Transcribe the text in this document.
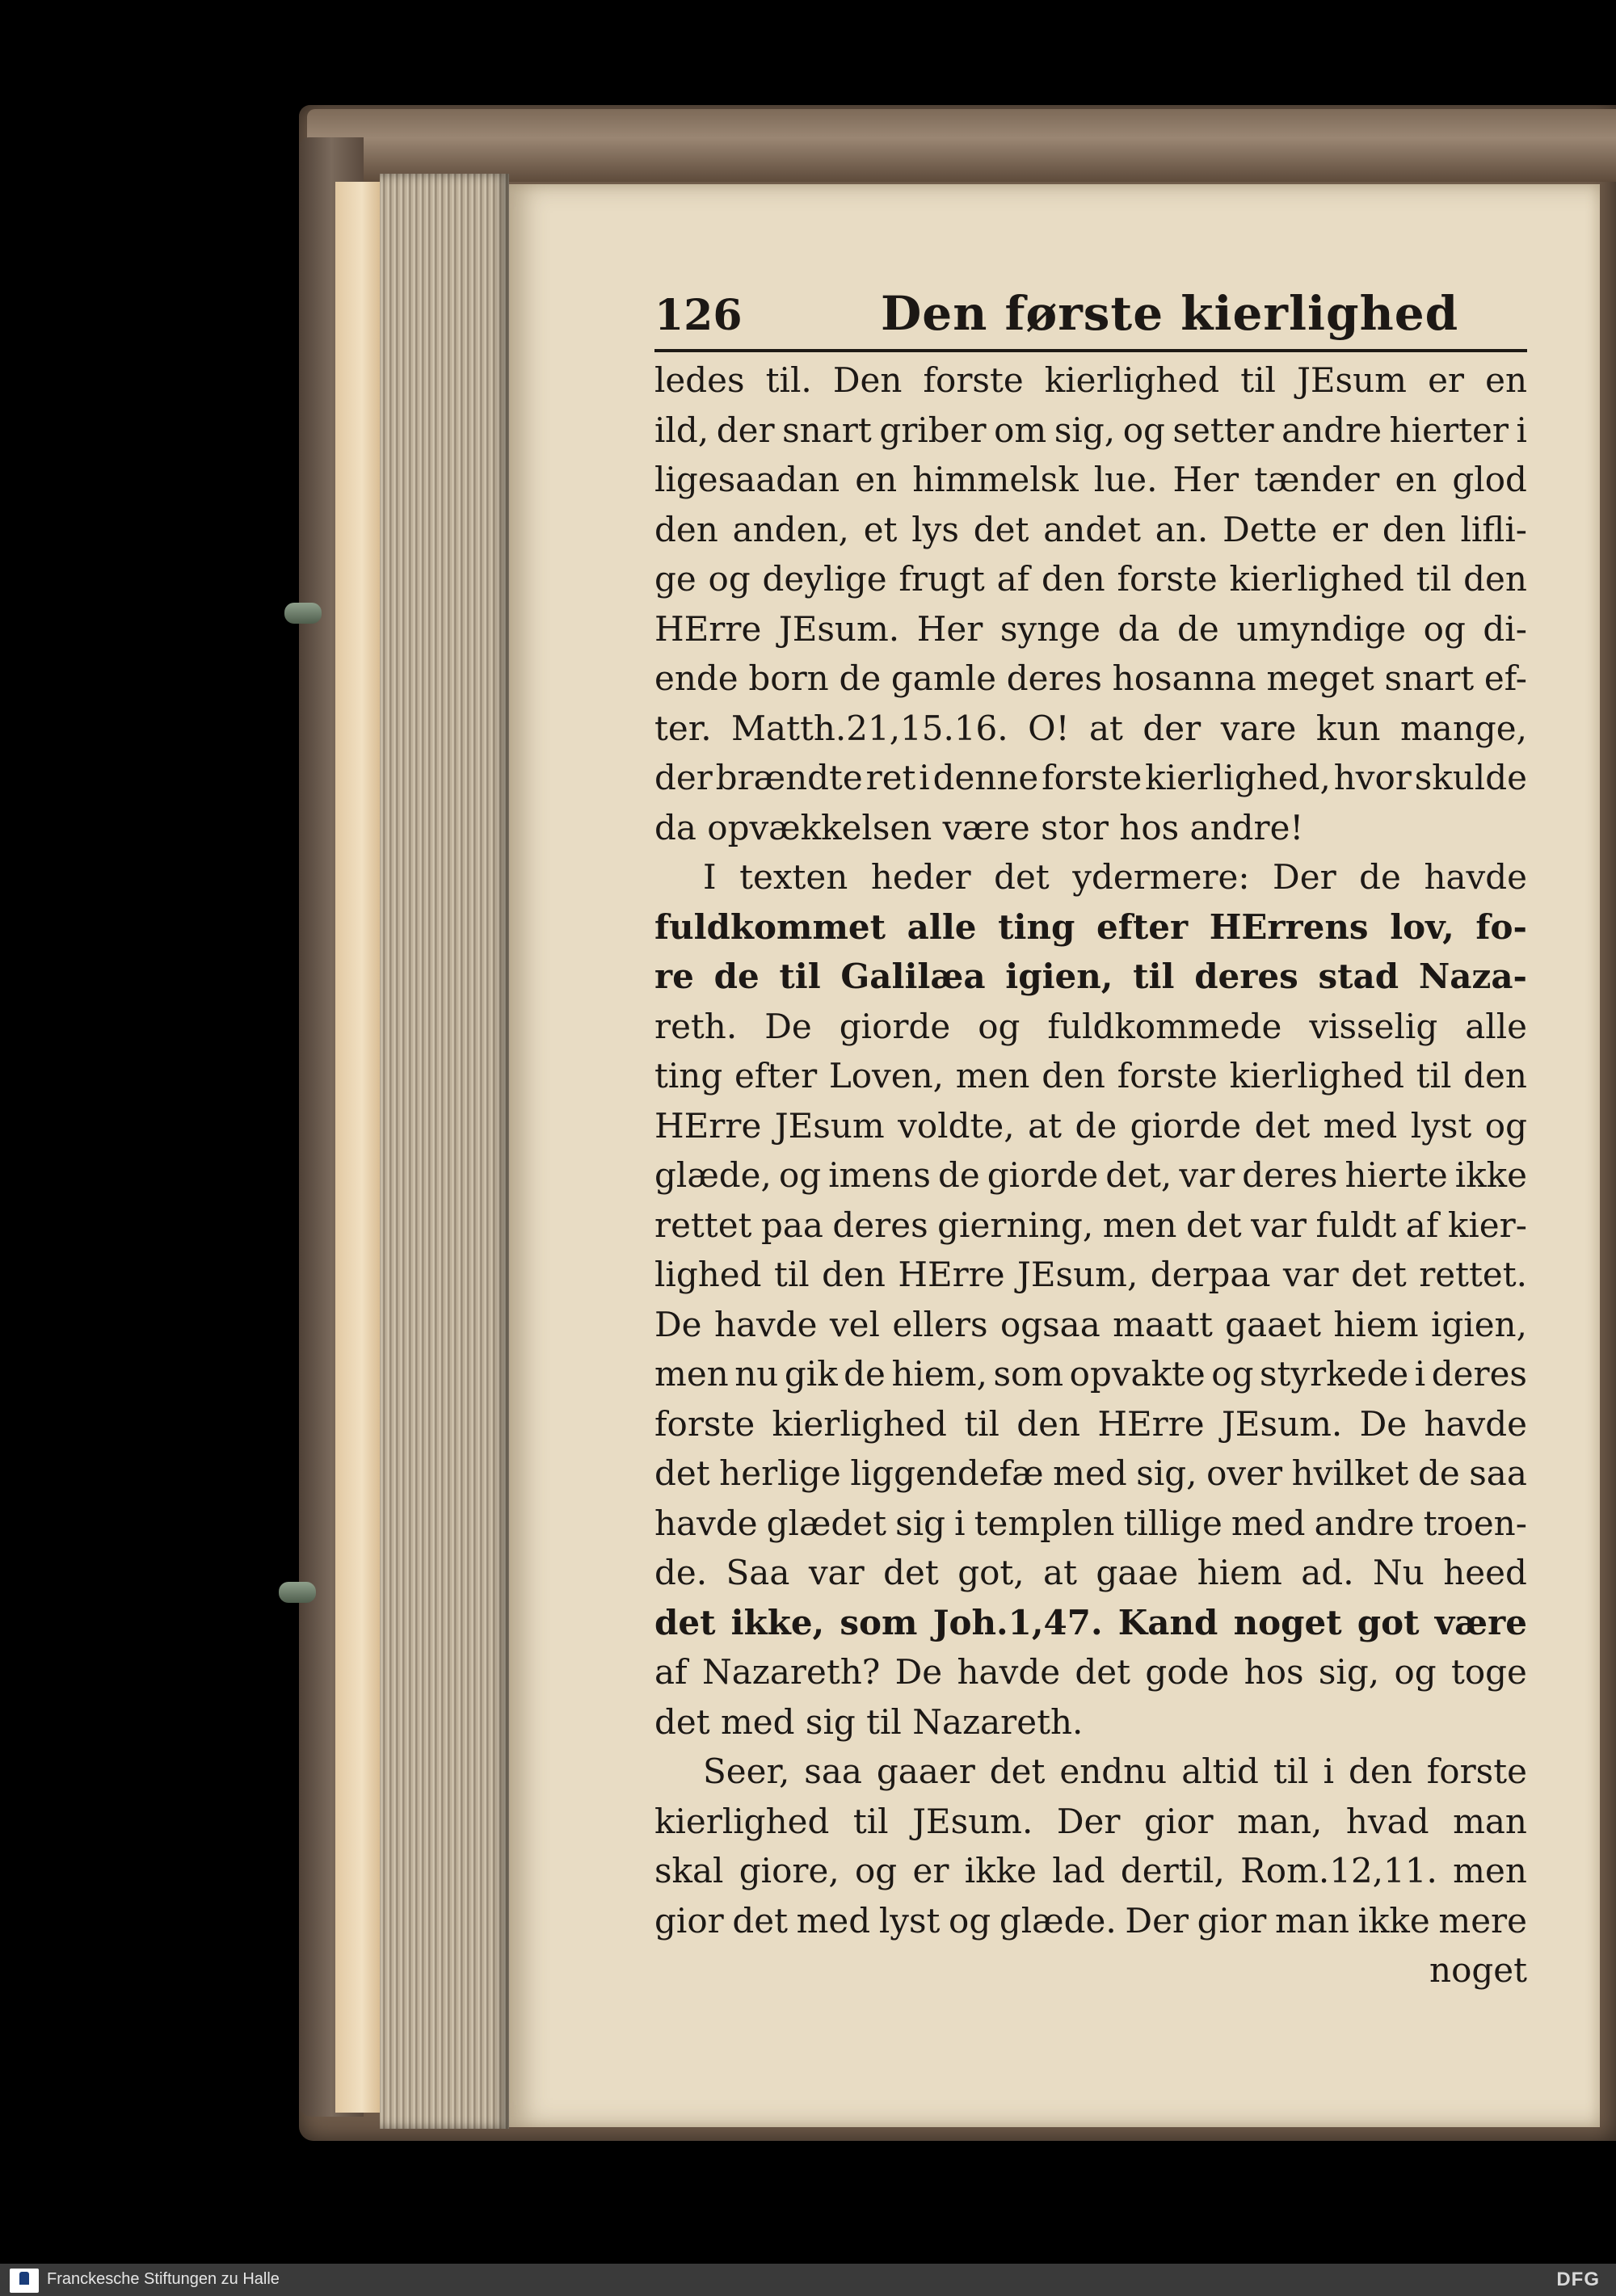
126	Den første kierlighed
ledes til. Den forste kierlighed til JEsum er en
ild, der snart griber om sig, og setter andre hierter i
ligesaadan en himmelsk lue. Her tænder en glod
den anden, et lys det andet an. Dette er den lifli-
ge og deylige frugt af den forste kierlighed til den
HErre JEsum. Her synge da de umyndige og di-
ende born de gamle deres hosanna meget snart ef-
ter. Matth.21,15.16. O! at der vare kun mange,
der brændte ret i denne forste kierlighed, hvor skulde
da opvækkelsen være stor hos andre!
I texten heder det ydermere: Der de havde
fuldkommet alle ting efter HErrens lov, fo-
re de til Galilæa igien, til deres stad Naza-
reth. De giorde og fuldkommede visselig alle
ting efter Loven, men den forste kierlighed til den
HErre JEsum voldte, at de giorde det med lyst og
glæde, og imens de giorde det, var deres hierte ikke
rettet paa deres gierning, men det var fuldt af kier-
lighed til den HErre JEsum, derpaa var det rettet.
De havde vel ellers ogsaa maatt gaaet hiem igien,
men nu gik de hiem, som opvakte og styrkede i deres
forste kierlighed til den HErre JEsum. De havde
det herlige liggendefæ med sig, over hvilket de saa
havde glædet sig i templen tillige med andre troen-
de. Saa var det got, at gaae hiem ad. Nu heed
det ikke, som Joh.1,47. Kand noget got være
af Nazareth? De havde det gode hos sig, og toge
det med sig til Nazareth.
Seer, saa gaaer det endnu altid til i den forste
kierlighed til JEsum. Der gior man, hvad man
skal giore, og er ikke lad dertil, Rom.12,11. men
gior det med lyst og glæde. Der gior man ikke mere
noget
Franckesche Stiftungen zu Halle	DFG
